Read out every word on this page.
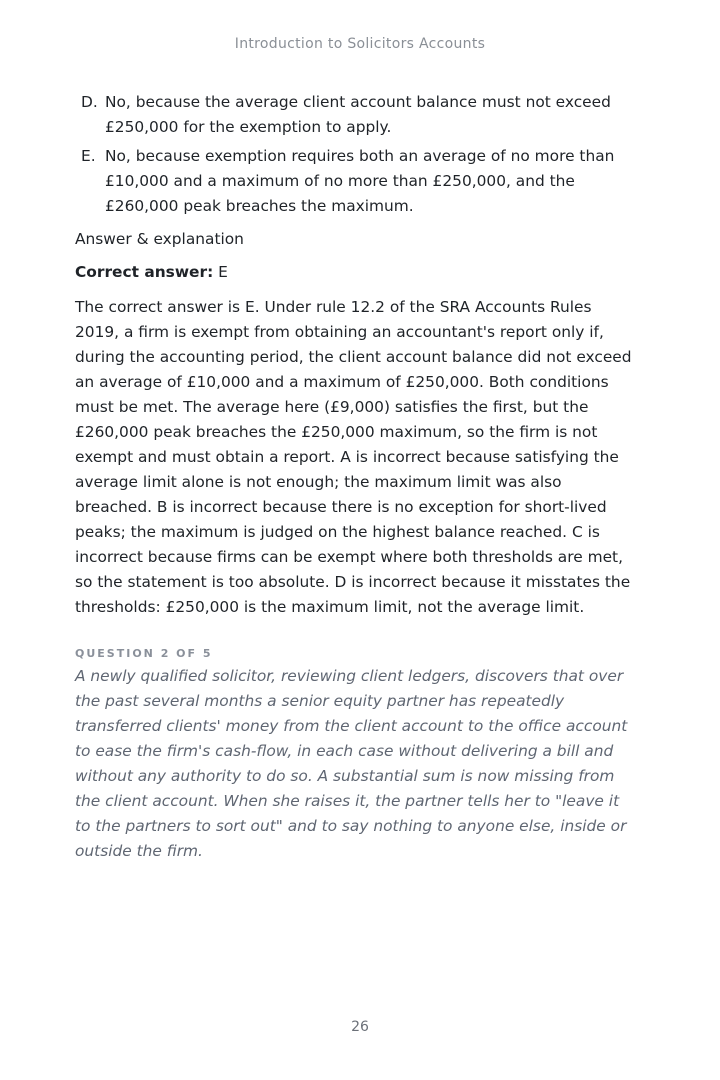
Introduction to Solicitors Accounts
D. No, because the average client account balance must not exceed £250,000 for the exemption to apply.
E. No, because exemption requires both an average of no more than £10,000 and a maximum of no more than £250,000, and the £260,000 peak breaches the maximum.
Answer & explanation
Correct answer: E

The correct answer is E. Under rule 12.2 of the SRA Accounts Rules 2019, a firm is exempt from obtaining an accountant's report only if, during the accounting period, the client account balance did not exceed an average of £10,000 and a maximum of £250,000. Both conditions must be met. The average here (£9,000) satisfies the first, but the £260,000 peak breaches the £250,000 maximum, so the firm is not exempt and must obtain a report. A is incorrect because satisfying the average limit alone is not enough; the maximum limit was also breached. B is incorrect because there is no exception for short-lived peaks; the maximum is judged on the highest balance reached. C is incorrect because firms can be exempt where both thresholds are met, so the statement is too absolute. D is incorrect because it misstates the thresholds: £250,000 is the maximum limit, not the average limit.

QUESTION 2 OF 5

A newly qualified solicitor, reviewing client ledgers, discovers that over the past several months a senior equity partner has repeatedly transferred clients' money from the client account to the office account to ease the firm's cash-flow, in each case without delivering a bill and without any authority to do so. A substantial sum is now missing from the client account. When she raises it, the partner tells her to "leave it to the partners to sort out" and to say nothing to anyone else, inside or outside the firm.

26
